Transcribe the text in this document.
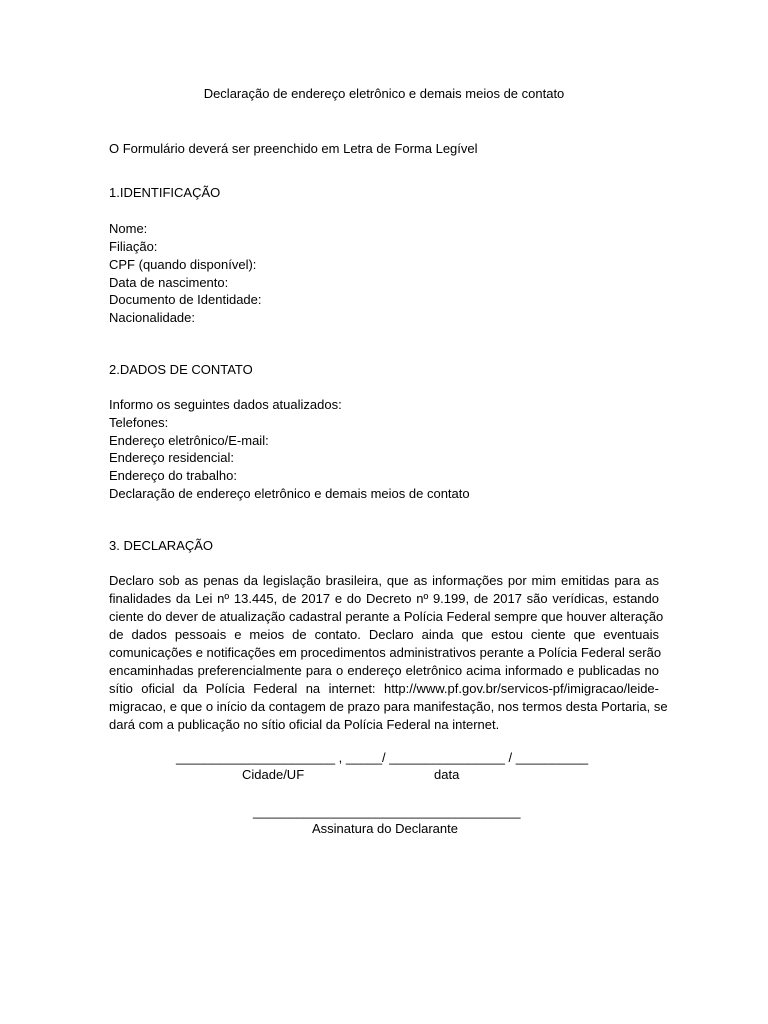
Declaração de endereço eletrônico e demais meios de contato
O Formulário deverá ser preenchido em Letra de Forma Legível
1.IDENTIFICAÇÃO
Nome:
Filiação:
CPF (quando disponível):
Data de nascimento:
Documento de Identidade:
Nacionalidade:
2.DADOS DE CONTATO
Informo os seguintes dados atualizados:
Telefones:
Endereço eletrônico/E-mail:
Endereço residencial:
Endereço do trabalho:
Declaração de endereço eletrônico e demais meios de contato
3. DECLARAÇÃO
Declaro sob as penas da legislação brasileira, que as informações por mim emitidas para as
finalidades da Lei nº 13.445, de 2017 e do Decreto nº 9.199, de 2017 são verídicas, estando
ciente do dever de atualização cadastral perante a Polícia Federal sempre que houver alteração
de dados pessoais e meios de contato. Declaro ainda que estou ciente que eventuais
comunicações e notificações em procedimentos administrativos perante a Polícia Federal serão
encaminhadas preferencialmente para o endereço eletrônico acima informado e publicadas no
sítio oficial da Polícia Federal na internet: http://www.pf.gov.br/servicos-pf/imigracao/leide-
migracao, e que o início da contagem de prazo para manifestação, nos termos desta Portaria, se
dará com a publicação no sítio oficial da Polícia Federal na internet.
______________________ , _____/ ________________ / __________
Cidade/UF	data
_____________________________________
Assinatura do Declarante
